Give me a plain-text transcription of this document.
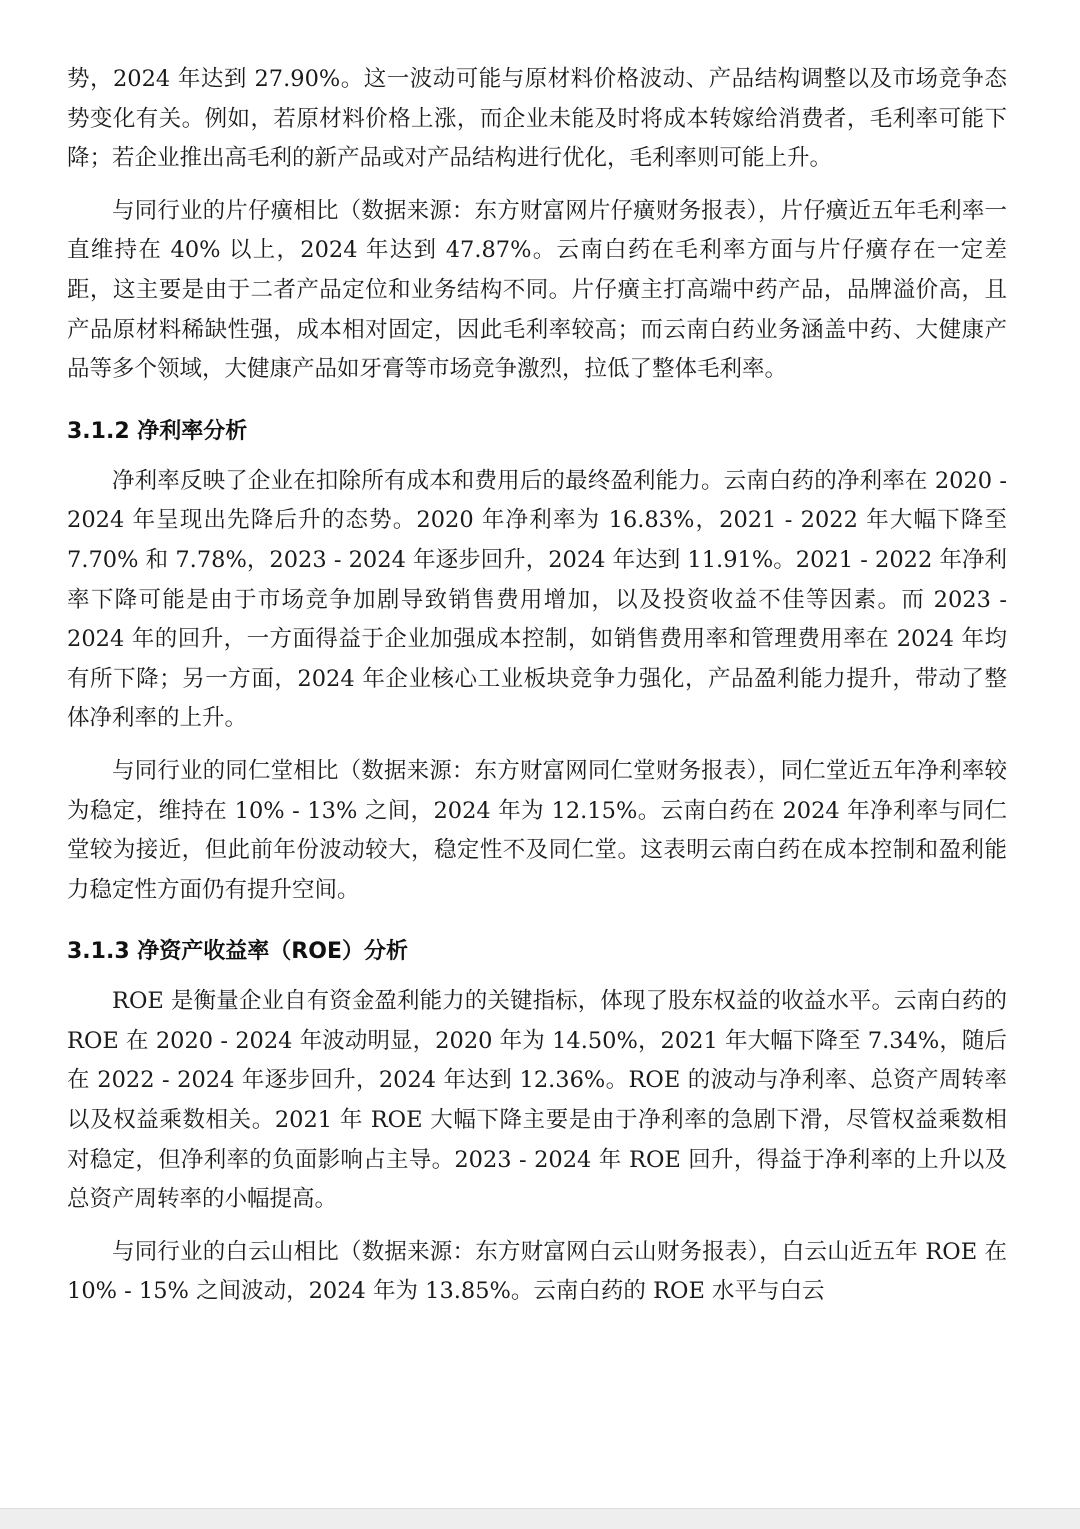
势，2024 年达到 27.90%。这一波动可能与原材料价格波动、产品结构调整以及市场竞争态势变化有关。例如，若原材料价格上涨，而企业未能及时将成本转嫁给消费者，毛利率可能下降；若企业推出高毛利的新产品或对产品结构进行优化，毛利率则可能上升。

与同行业的片仔癀相比（数据来源：东方财富网片仔癀财务报表），片仔癀近五年毛利率一直维持在 40% 以上，2024 年达到 47.87%。云南白药在毛利率方面与片仔癀存在一定差距，这主要是由于二者产品定位和业务结构不同。片仔癀主打高端中药产品，品牌溢价高，且产品原材料稀缺性强，成本相对固定，因此毛利率较高；而云南白药业务涵盖中药、大健康产品等多个领域，大健康产品如牙膏等市场竞争激烈，拉低了整体毛利率。

3.1.2 净利率分析

净利率反映了企业在扣除所有成本和费用后的最终盈利能力。云南白药的净利率在 2020 - 2024 年呈现出先降后升的态势。2020 年净利率为 16.83%，2021 - 2022 年大幅下降至 7.70% 和 7.78%，2023 - 2024 年逐步回升，2024 年达到 11.91%。2021 - 2022 年净利率下降可能是由于市场竞争加剧导致销售费用增加，以及投资收益不佳等因素。而 2023 - 2024 年的回升，一方面得益于企业加强成本控制，如销售费用率和管理费用率在 2024 年均有所下降；另一方面，2024 年企业核心工业板块竞争力强化，产品盈利能力提升，带动了整体净利率的上升。

与同行业的同仁堂相比（数据来源：东方财富网同仁堂财务报表），同仁堂近五年净利率较为稳定，维持在 10% - 13% 之间，2024 年为 12.15%。云南白药在 2024 年净利率与同仁堂较为接近，但此前年份波动较大，稳定性不及同仁堂。这表明云南白药在成本控制和盈利能力稳定性方面仍有提升空间。

3.1.3 净资产收益率（ROE）分析

ROE 是衡量企业自有资金盈利能力的关键指标，体现了股东权益的收益水平。云南白药的 ROE 在 2020 - 2024 年波动明显，2020 年为 14.50%，2021 年大幅下降至 7.34%，随后在 2022 - 2024 年逐步回升，2024 年达到 12.36%。ROE 的波动与净利率、总资产周转率以及权益乘数相关。2021 年 ROE 大幅下降主要是由于净利率的急剧下滑，尽管权益乘数相对稳定，但净利率的负面影响占主导。2023 - 2024 年 ROE 回升，得益于净利率的上升以及总资产周转率的小幅提高。

与同行业的白云山相比（数据来源：东方财富网白云山财务报表），白云山近五年 ROE 在 10% - 15% 之间波动，2024 年为 13.85%。云南白药的 ROE 水平与白云
